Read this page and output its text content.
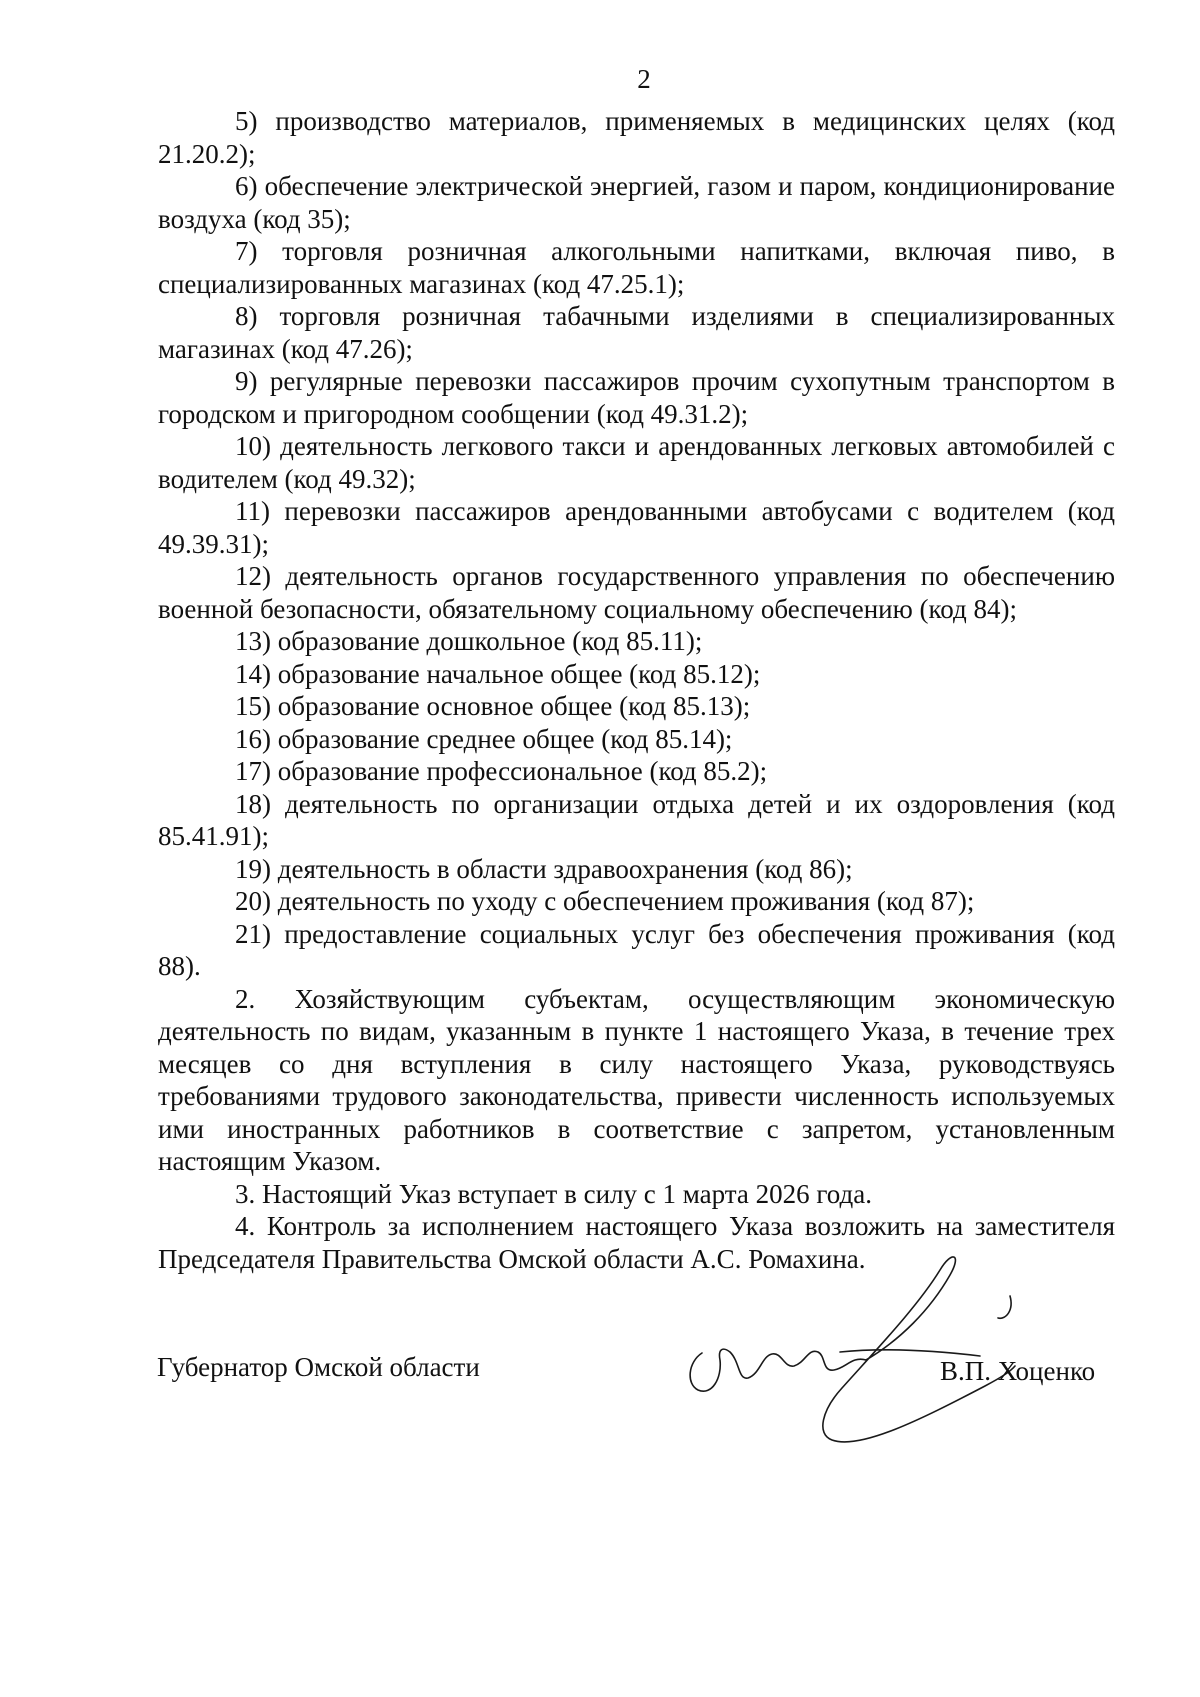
2

5) производство материалов, применяемых в медицинских целях (код 21.20.2);

6) обеспечение электрической энергией, газом и паром, кондиционирование воздуха (код 35);

7) торговля розничная алкогольными напитками, включая пиво, в специализированных магазинах (код 47.25.1);

8) торговля розничная табачными изделиями в специализированных магазинах (код 47.26);

9) регулярные перевозки пассажиров прочим сухопутным транспортом в городском и пригородном сообщении (код 49.31.2);

10) деятельность легкового такси и арендованных легковых автомобилей с водителем (код 49.32);

11) перевозки пассажиров арендованными автобусами с водителем (код 49.39.31);

12) деятельность органов государственного управления по обеспечению военной безопасности, обязательному социальному обеспечению (код 84);

13) образование дошкольное (код 85.11);

14) образование начальное общее (код 85.12);

15) образование основное общее (код 85.13);

16) образование среднее общее (код 85.14);

17) образование профессиональное (код 85.2);

18) деятельность по организации отдыха детей и их оздоровления (код 85.41.91);

19) деятельность в области здравоохранения (код 86);

20) деятельность по уходу с обеспечением проживания (код 87);

21) предоставление социальных услуг без обеспечения проживания (код 88).

2. Хозяйствующим субъектам, осуществляющим экономическую деятельность по видам, указанным в пункте 1 настоящего Указа, в течение трех месяцев со дня вступления в силу настоящего Указа, руководствуясь требованиями трудового законодательства, привести численность используемых ими иностранных работников в соответствие с запретом, установленным настоящим Указом.

3. Настоящий Указ вступает в силу с 1 марта 2026 года.

4. Контроль за исполнением настоящего Указа возложить на заместителя Председателя Правительства Омской области А.С. Ромахина.

Губернатор Омской области	В.П. Хоценко
